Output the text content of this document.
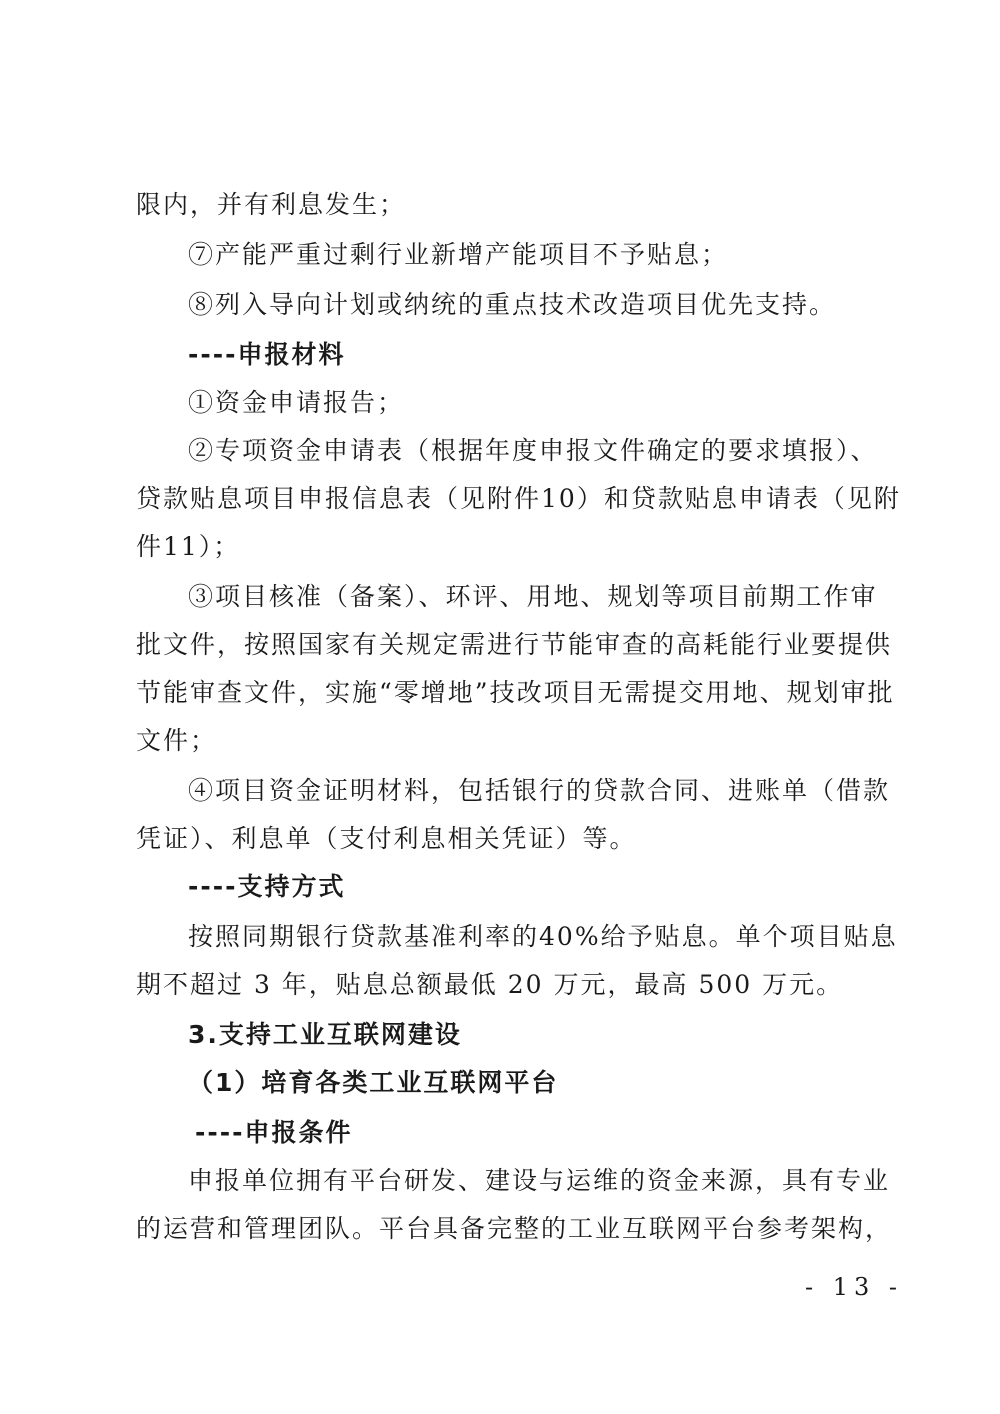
限内，并有利息发生；
⑦产能严重过剩行业新增产能项目不予贴息；
⑧列入导向计划或纳统的重点技术改造项目优先支持。
----申报材料
①资金申请报告；
②专项资金申请表（根据年度申报文件确定的要求填报）、
贷款贴息项目申报信息表（见附件10）和贷款贴息申请表（见附
件11）；
③项目核准（备案）、环评、用地、规划等项目前期工作审
批文件，按照国家有关规定需进行节能审查的高耗能行业要提供
节能审查文件，实施“零增地”技改项目无需提交用地、规划审批
文件；
④项目资金证明材料，包括银行的贷款合同、进账单（借款
凭证）、利息单（支付利息相关凭证）等。
----支持方式
按照同期银行贷款基准利率的40%给予贴息。单个项目贴息
期不超过 3 年，贴息总额最低 20 万元，最高 500 万元。
3.支持工业互联网建设
（1）培育各类工业互联网平台
----申报条件
申报单位拥有平台研发、建设与运维的资金来源，具有专业
的运营和管理团队。平台具备完整的工业互联网平台参考架构，
- 13 -
